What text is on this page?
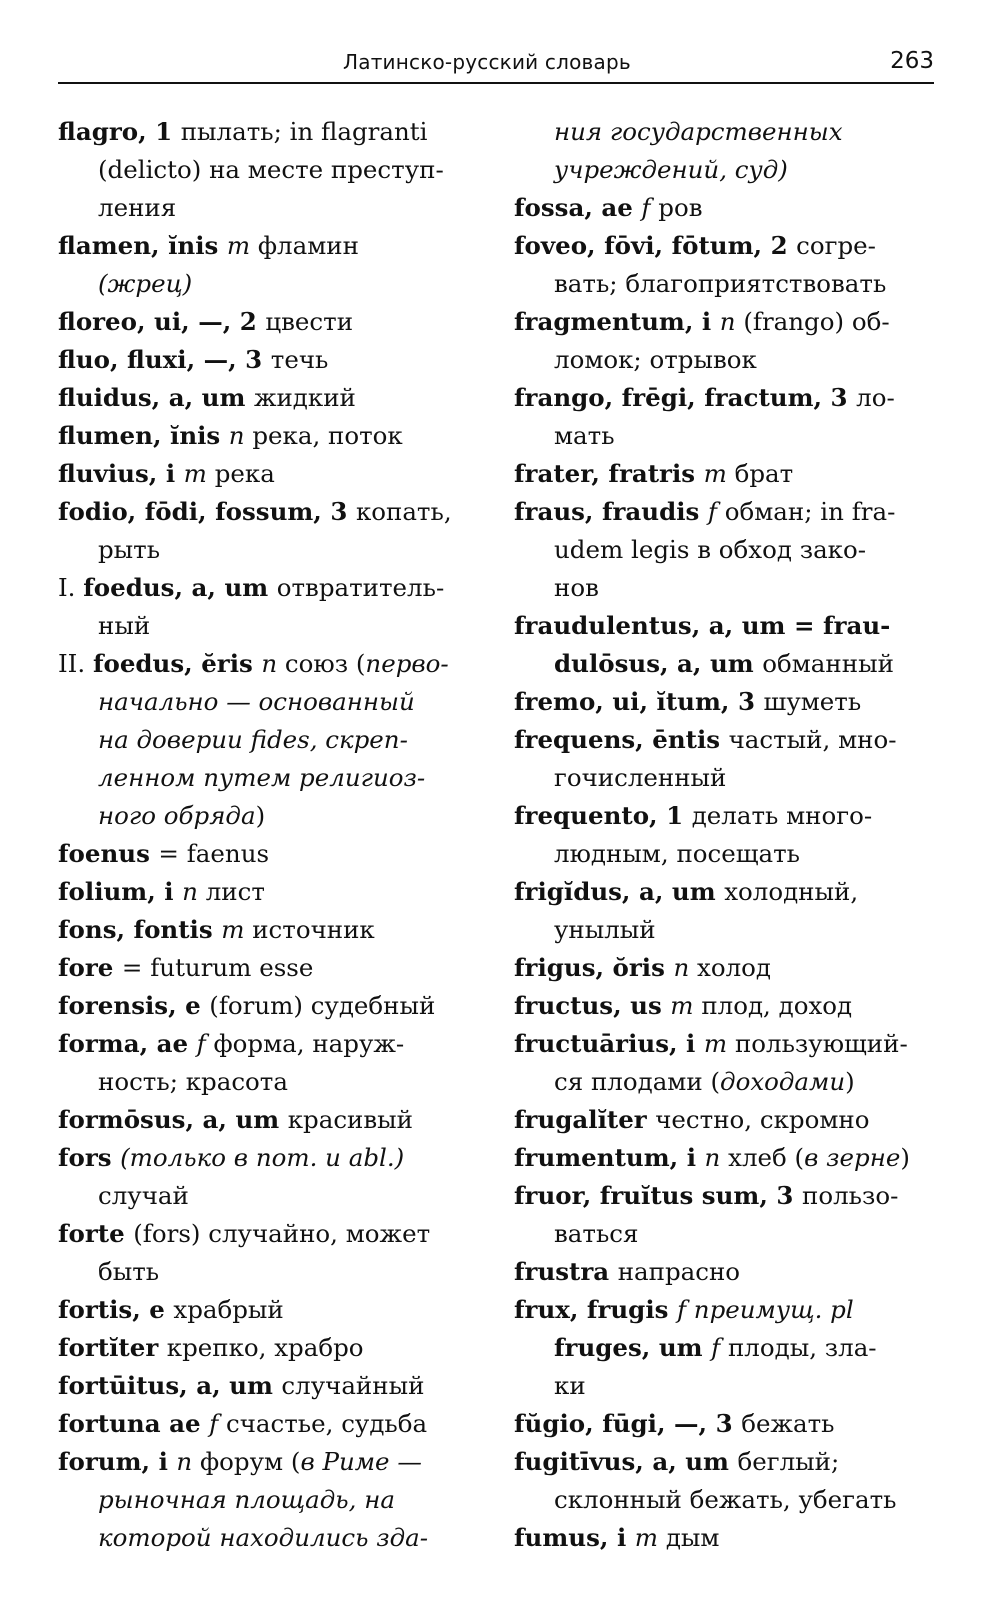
Латинско-русский словарь	263
flagro, 1 пылать; in flagranti
(delicto) на месте преступ-
ления
flamen, ĭnis m фламин
(жрец)
floreo, ui, —, 2 цвести
fluo, fluxi, —, 3 течь
fluidus, a, um жидкий
flumen, ĭnis n река, поток
fluvius, i m река
fodio, fōdi, fossum, 3 копать,
рыть
I. foedus, a, um отвратитель-
ный
II. foedus, ĕris n союз (перво-
начально — основанный
на доверии fides, скреп-
ленном путем религиоз-
ного обряда)
foenus = faenus
folium, i n лист
fons, fontis m источник
fore = futurum esse
forensis, e (forum) судебный
forma, ae f форма, наруж-
ность; красота
formōsus, a, um красивый
fors (только в nom. и abl.)
случай
forte (fors) случайно, может
быть
fortis, e храбрый
fortĭter крепко, храбро
fortūitus, a, um случайный
fortuna ae f счастье, судьба
forum, i n форум (в Риме —
рыночная площадь, на
которой находились зда-
ния государственных
учреждений, суд)
fossa, ae f ров
foveo, fōvi, fōtum, 2 согре-
вать; благоприятствовать
fragmentum, i n (frango) об-
ломок; отрывок
frango, frēgi, fractum, 3 ло-
мать
frater, fratris m брат
fraus, fraudis f обман; in fra-
udem legis в обход зако-
нов
fraudulentus, a, um = frau-
dulōsus, a, um обманный
fremo, ui, ĭtum, 3 шуметь
frequens, ēntis частый, мно-
гочисленный
frequento, 1 делать много-
людным, посещать
frigĭdus, a, um холодный,
унылый
frigus, ŏris n холод
fructus, us m плод, доход
fructuārius, i m пользующий-
ся плодами (доходами)
frugalĭter честно, скромно
frumentum, i n хлеб (в зерне)
fruor, fruĭtus sum, 3 пользо-
ваться
frustra напрасно
frux, frugis f преимущ. pl
fruges, um f плоды, зла-
ки
fŭgio, fūgi, —, 3 бежать
fugitīvus, a, um беглый;
склонный бежать, убегать
fumus, i m дым
